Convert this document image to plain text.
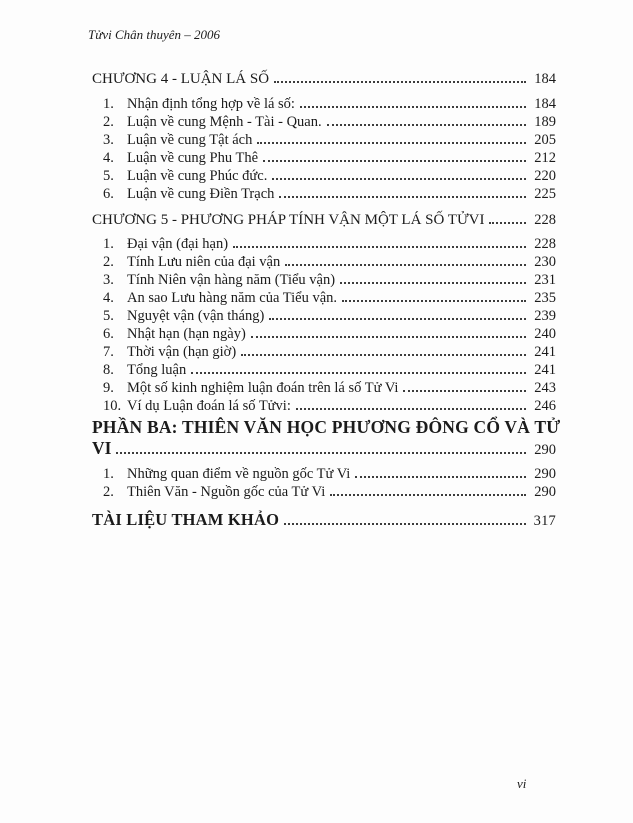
Tửvi Chân thuyên – 2006
CHƯƠNG 4 - LUẬN LÁ SỐ	184
1. Nhận định tổng hợp về lá số:	184
2. Luận về cung Mệnh - Tài - Quan.	189
3. Luận về cung Tật ách	205
4. Luận về cung Phu Thê	212
5. Luận về cung Phúc đức.	220
6. Luận về cung Điền Trạch	225
CHƯƠNG 5 - PHƯƠNG PHÁP TÍNH VẬN MỘT LÁ SỐ TỬVI	228
1. Đại vận (đại hạn)	228
2. Tính Lưu niên của đại vận	230
3. Tính Niên vận hàng năm (Tiểu vận)	231
4. An sao Lưu hàng năm của Tiểu vận.	235
5. Nguyệt vận (vận tháng)	239
6. Nhật hạn (hạn ngày)	240
7. Thời vận (hạn giờ)	241
8. Tổng luận	241
9. Một số kinh nghiệm luận đoán trên lá số Tử Vi	243
10. Ví dụ Luận đoán lá số Tửvi:	246
PHẦN BA: THIÊN VĂN HỌC PHƯƠNG ĐÔNG CỔ VÀ TỬ
VI	290
1. Những quan điểm về nguồn gốc Tử Vi	290
2. Thiên Văn - Nguồn gốc của Tử Vi	290
TÀI LIỆU THAM KHẢO	317
vi
